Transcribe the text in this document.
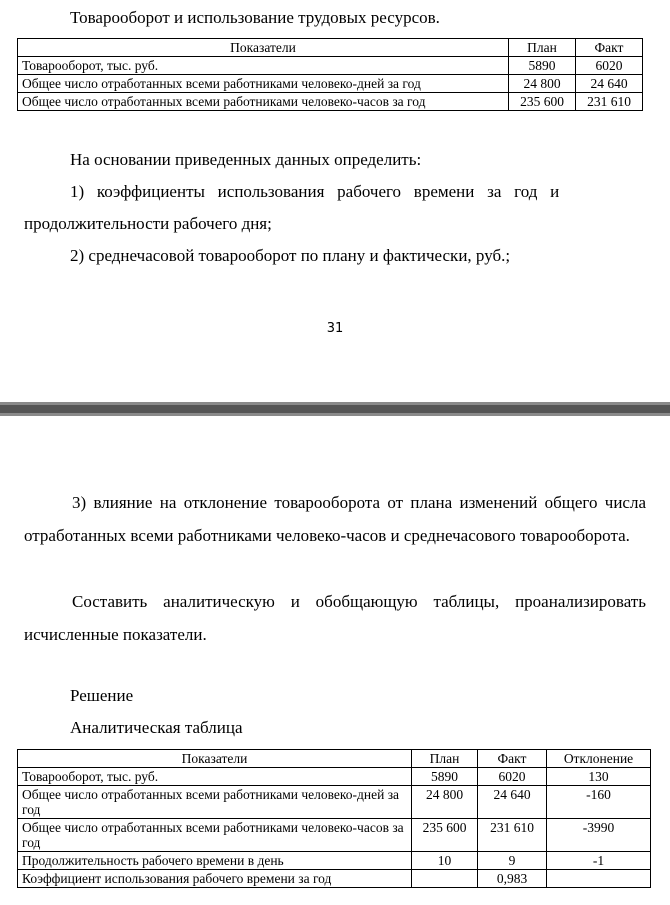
Товарооборот и использование трудовых ресурсов.
Показатели	План	Факт
Товарооборот, тыс. руб.	5890	6020
Общее число отработанных всеми работниками человеко-дней за год	24 800	24 640
Общее число отработанных всеми работниками человеко-часов за год	235 600	231 610
На основании приведенных данных определить:
1)   коэффициенты   использования   рабочего   времени   за   год   и
продолжительности рабочего дня;
2) среднечасовой товарооборот по плану и фактически, руб.;
31
3) влияние на отклонение товарооборота от плана изменений общего числа отработанных всеми работниками человеко-часов и среднечасового товарооборота.
Составить аналитическую и обобщающую таблицы, проанализировать исчисленные показатели.
Решение
Аналитическая таблица
Показатели	План	Факт	Отклонение
Товарооборот, тыс. руб.	5890	6020	130
Общее число отработанных всеми работниками человеко-дней за год	24 800	24 640	-160
Общее число отработанных всеми работниками человеко-часов за год	235 600	231 610	-3990
Продолжительность рабочего времени в день	10	9	-1
Коэффициент использования рабочего времени за год		0,983	
